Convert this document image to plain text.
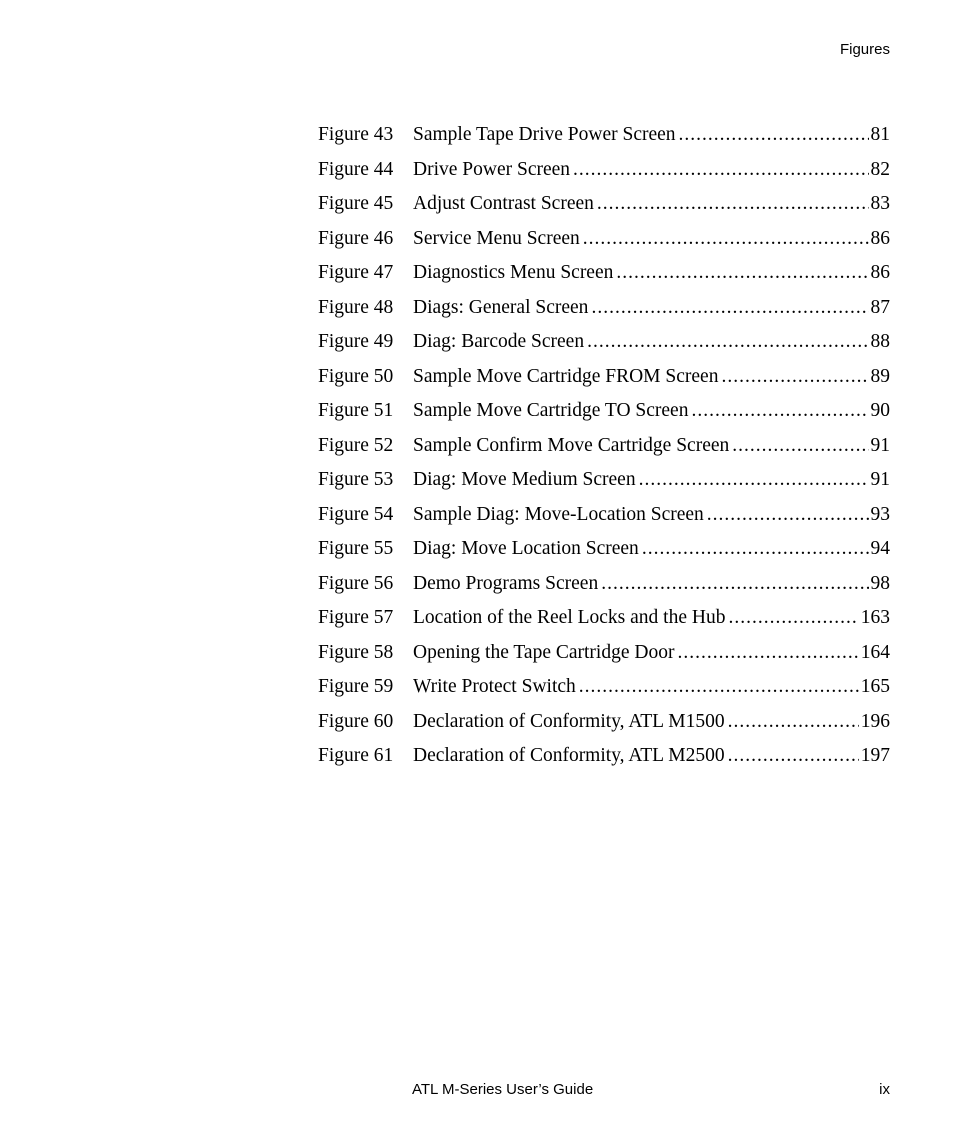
Figures
Figure 43	Sample Tape Drive Power Screen .....	81
Figure 44	Drive Power Screen .....	82
Figure 45	Adjust Contrast Screen .....	83
Figure 46	Service Menu Screen .....	86
Figure 47	Diagnostics Menu Screen .....	86
Figure 48	Diags: General Screen .....	87
Figure 49	Diag: Barcode Screen .....	88
Figure 50	Sample Move Cartridge FROM Screen .....	89
Figure 51	Sample Move Cartridge TO Screen .....	90
Figure 52	Sample Confirm Move Cartridge Screen .....	91
Figure 53	Diag: Move Medium Screen .....	91
Figure 54	Sample Diag: Move-Location Screen .....	93
Figure 55	Diag: Move Location Screen .....	94
Figure 56	Demo Programs Screen .....	98
Figure 57	Location of the Reel Locks and the Hub .....	163
Figure 58	Opening the Tape Cartridge Door .....	164
Figure 59	Write Protect Switch .....	165
Figure 60	Declaration of Conformity, ATL M1500 .....	196
Figure 61	Declaration of Conformity, ATL M2500 .....	197
ATL M-Series User’s Guide	ix
